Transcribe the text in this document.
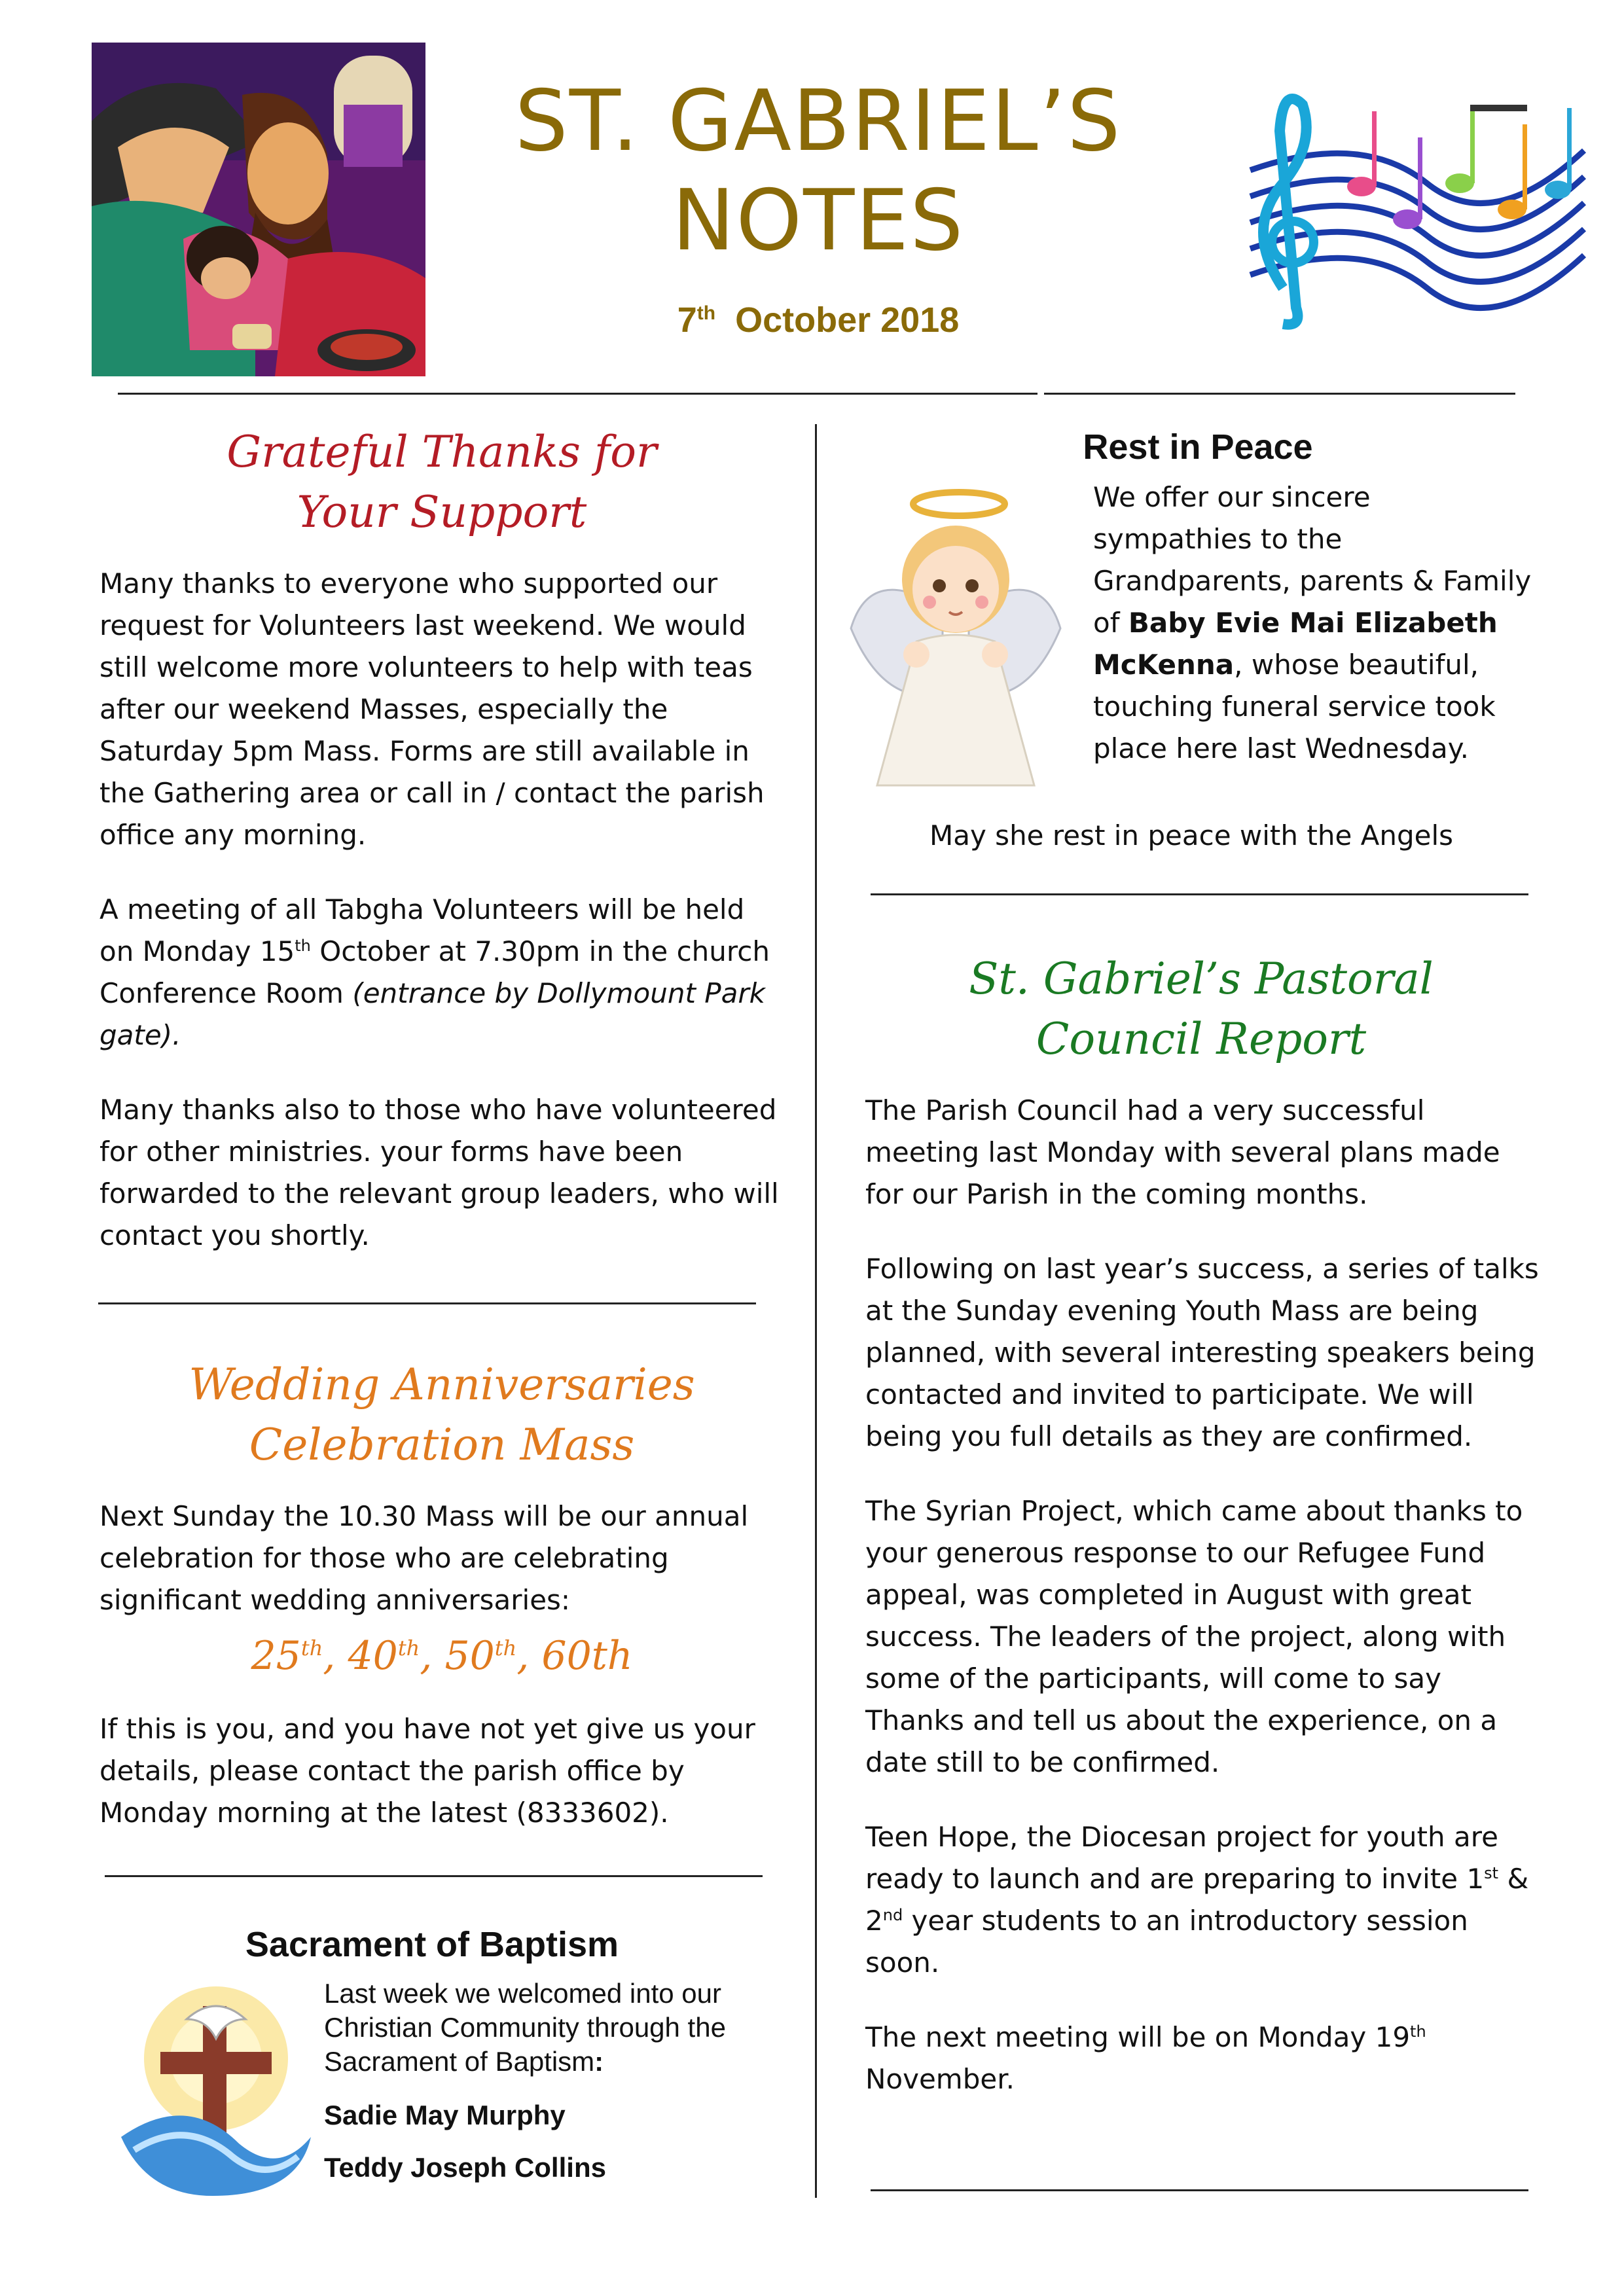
ST. GABRIEL’S
NOTES
7th October 2018
Grateful Thanks for
Your Support

Many thanks to everyone who supported our request for Volunteers last weekend. We would still welcome more volunteers to help with teas after our weekend Masses, especially the Saturday 5pm Mass. Forms are still available in the Gathering area or call in / contact the parish office any morning.

A meeting of all Tabgha Volunteers will be held on Monday 15th October at 7.30pm in the church Conference Room (entrance by Dollymount Park gate).

Many thanks also to those who have volunteered for other ministries. your forms have been forwarded to the relevant group leaders, who will contact you shortly.

Wedding Anniversaries
Celebration Mass

Next Sunday the 10.30 Mass will be our annual celebration for those who are celebrating significant wedding anniversaries:

25th, 40th, 50th, 60th

If this is you, and you have not yet give us your details, please contact the parish office by Monday morning at the latest (8333602).

Sacrament of Baptism
Last week we welcomed into our Christian Community through the Sacrament of Baptism:
Sadie May Murphy
Teddy Joseph Collins
Rest in Peace

We offer our sincere sympathies to the Grandparents, parents & Family of Baby Evie Mai Elizabeth McKenna, whose beautiful, touching funeral service took place here last Wednesday.

May she rest in peace with the Angels
St. Gabriel’s Pastoral
Council Report

The Parish Council had a very successful meeting last Monday with several plans made for our Parish in the coming months.

Following on last year’s success, a series of talks at the Sunday evening Youth Mass are being planned, with several interesting speakers being contacted and invited to participate. We will being you full details as they are confirmed.

The Syrian Project, which came about thanks to your generous response to our Refugee Fund appeal, was completed in August with great success. The leaders of the project, along with some of the participants, will come to say Thanks and tell us about the experience, on a date still to be confirmed.

Teen Hope, the Diocesan project for youth are ready to launch and are preparing to invite 1st & 2nd year students to an introductory session soon.

The next meeting will be on Monday 19th November.
